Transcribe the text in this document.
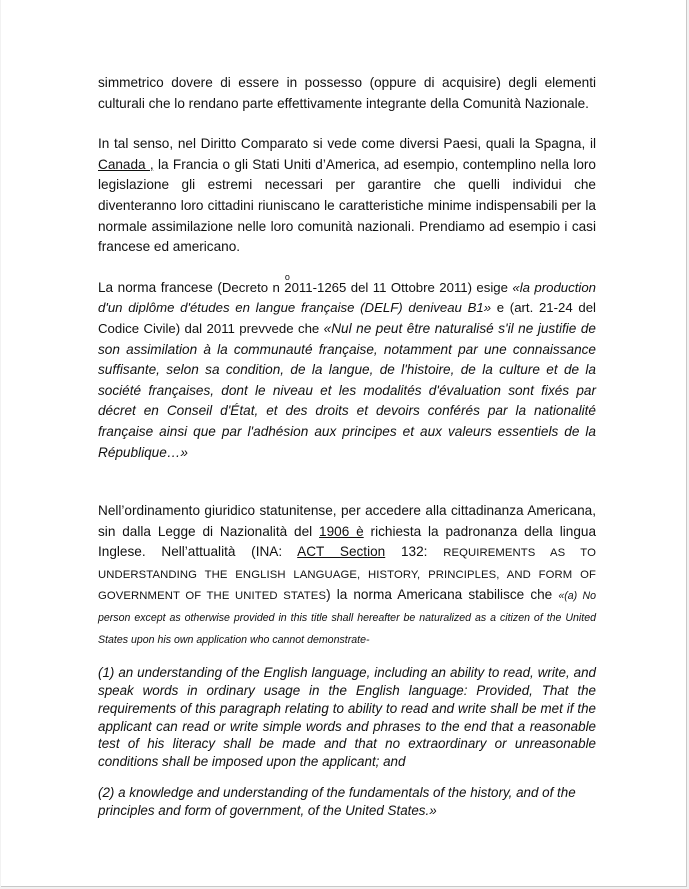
simmetrico dovere di essere in possesso (oppure di acquisire) degli elementi culturali che lo rendano parte effettivamente integrante della Comunità Nazionale.

In tal senso, nel Diritto Comparato si vede come diversi Paesi, quali la Spagna, il Canada , la Francia o gli Stati Uniti d’America, ad esempio, contemplino nella loro legislazione gli estremi necessari per garantire che quelli individui che diventeranno loro cittadini riuniscano le caratteristiche minime indispensabili per la normale assimilazione nelle loro comunità nazionali. Prendiamo ad esempio i casi francese ed americano.

La norma francese (Decreto n
o
2011-1265 del 11 Ottobre 2011) esige «la production d'un diplôme d'études en langue française (DELF) deniveau B1» e (art. 21-24 del Codice Civile) dal 2011 prevvede che «Nul ne peut être naturalisé s'il ne justifie de son assimilation à la communauté française, notamment par une connaissance suffisante, selon sa condition, de la langue, de l'histoire, de la culture et de la société françaises, dont le niveau et les modalités d'évaluation sont fixés par décret en Conseil d'État, et des droits et devoirs conférés par la nationalité française ainsi que par l'adhésion aux principes et aux valeurs essentiels de la République…»

Nell’ordinamento giuridico statunitense, per accedere alla cittadinanza Americana, sin dalla Legge di Nazionalità del 1906 è richiesta la padronanza della lingua Inglese. Nell’attualità (INA: ACT Section 132: REQUIREMENTS AS TO UNDERSTANDING THE ENGLISH LANGUAGE, HISTORY, PRINCIPLES, AND FORM OF GOVERNMENT OF THE UNITED STATES) la norma Americana stabilisce che «(a) No person except as otherwise provided in this title shall hereafter be naturalized as a citizen of the United States upon his own application who cannot demonstrate-

(1) an understanding of the English language, including an ability to read, write, and speak words in ordinary usage in the English language: Provided, That the requirements of this paragraph relating to ability to read and write shall be met if the applicant can read or write simple words and phrases to the end that a reasonable test of his literacy shall be made and that no extraordinary or unreasonable conditions shall be imposed upon the applicant; and

(2) a knowledge and understanding of the fundamentals of the history, and of the principles and form of government, of the United States.»
